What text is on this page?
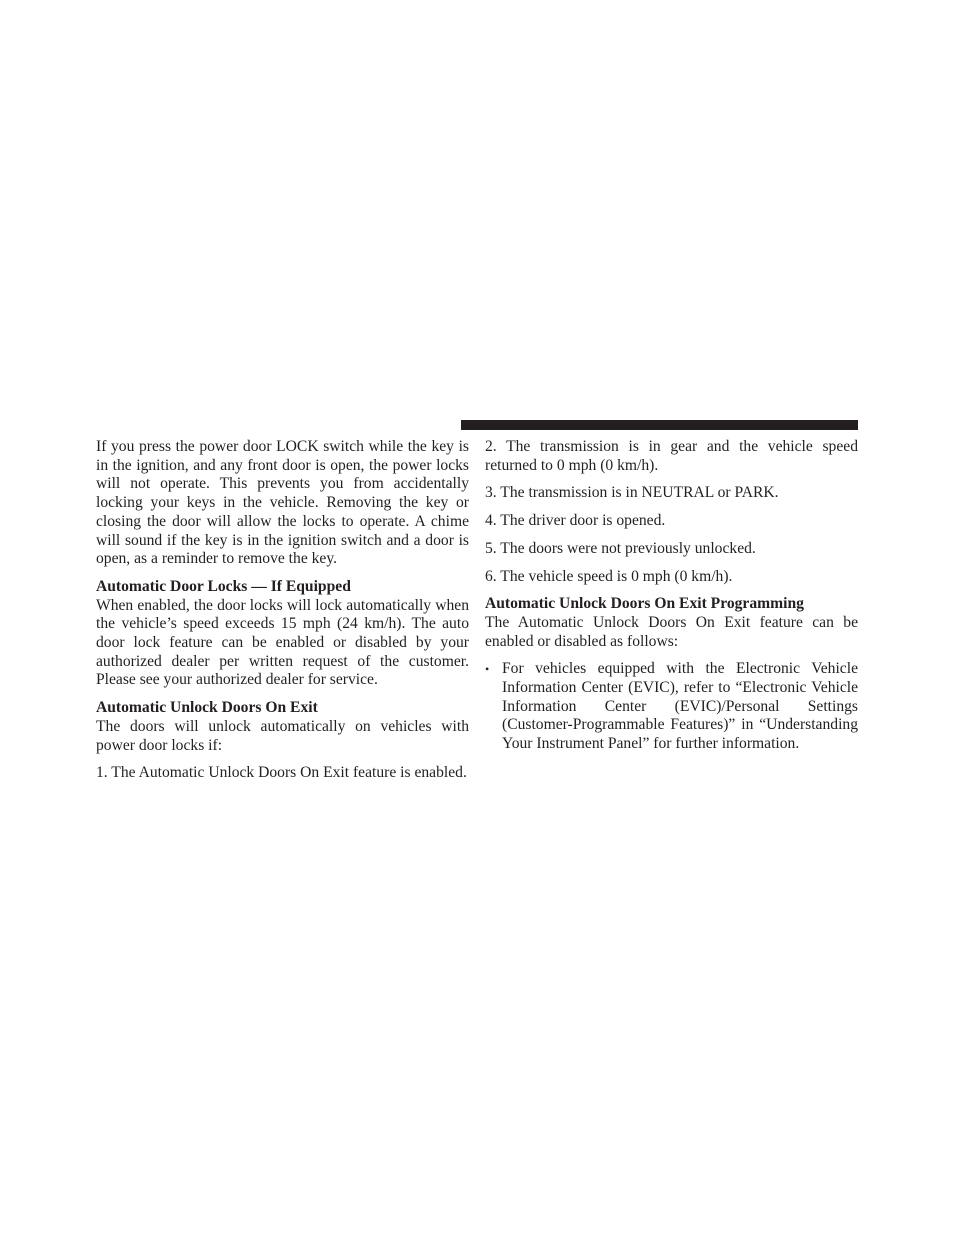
If you press the power door LOCK switch while the key is in the ignition, and any front door is open, the power locks will not operate. This prevents you from accidentally locking your keys in the vehicle. Removing the key or closing the door will allow the locks to operate. A chime will sound if the key is in the ignition switch and a door is open, as a reminder to remove the key.

Automatic Door Locks — If Equipped

When enabled, the door locks will lock automatically when the vehicle’s speed exceeds 15 mph (24 km/h). The auto door lock feature can be enabled or disabled by your authorized dealer per written request of the customer. Please see your authorized dealer for service.

Automatic Unlock Doors On Exit

The doors will unlock automatically on vehicles with power door locks if:

1. The Automatic Unlock Doors On Exit feature is enabled.

2. The transmission is in gear and the vehicle speed returned to 0 mph (0 km/h).

3. The transmission is in NEUTRAL or PARK.

4. The driver door is opened.

5. The doors were not previously unlocked.

6. The vehicle speed is 0 mph (0 km/h).

Automatic Unlock Doors On Exit Programming

The Automatic Unlock Doors On Exit feature can be enabled or disabled as follows:

• For vehicles equipped with the Electronic Vehicle Information Center (EVIC), refer to “Electronic Vehicle Information Center (EVIC)/Personal Settings (Customer-Programmable Features)” in “Understanding Your Instrument Panel” for further information.
